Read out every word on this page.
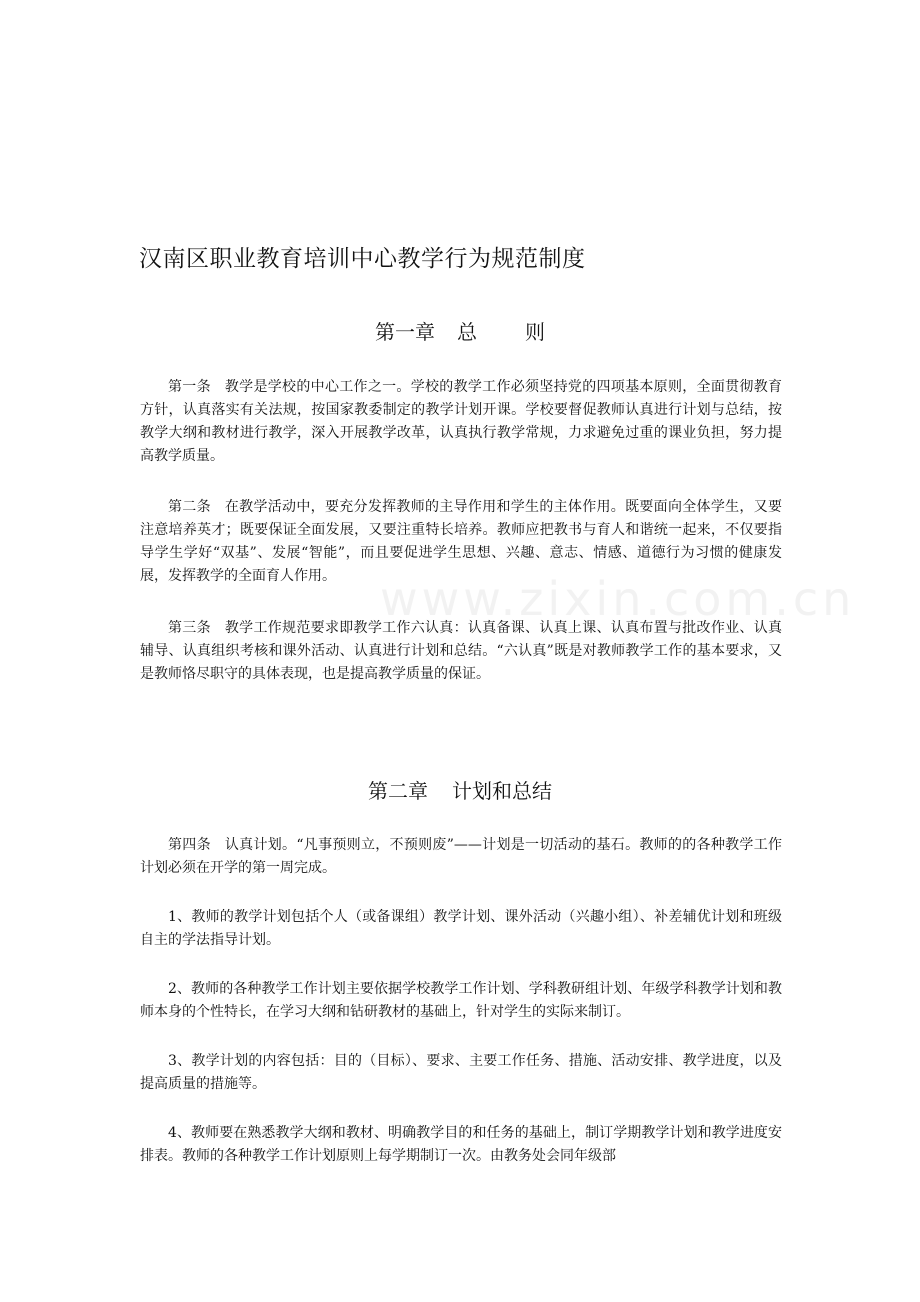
www.zixin.com.cn
汉南区职业教育培训中心教学行为规范制度
第一章 总 则
第一条 教学是学校的中心工作之一。学校的教学工作必须坚持党的四项基本原则，全面贯彻教育方针，认真落实有关法规，按国家教委制定的教学计划开课。学校要督促教师认真进行计划与总结，按教学大纲和教材进行教学，深入开展教学改革，认真执行教学常规，力求避免过重的课业负担，努力提高教学质量。
第二条 在教学活动中，要充分发挥教师的主导作用和学生的主体作用。既要面向全体学生，又要注意培养英才；既要保证全面发展，又要注重特长培养。教师应把教书与育人和谐统一起来，不仅要指导学生学好“双基”、发展“智能”，而且要促进学生思想、兴趣、意志、情感、道德行为习惯的健康发展，发挥教学的全面育人作用。
第三条 教学工作规范要求即教学工作六认真：认真备课、认真上课、认真布置与批改作业、认真辅导、认真组织考核和课外活动、认真进行计划和总结。“六认真”既是对教师教学工作的基本要求，又是教师恪尽职守的具体表现，也是提高教学质量的保证。
第二章 计划和总结
第四条 认真计划。“凡事预则立，不预则废”——计划是一切活动的基石。教师的的各种教学工作计划必须在开学的第一周完成。
1、教师的教学计划包括个人（或备课组）教学计划、课外活动（兴趣小组）、补差辅优计划和班级自主的学法指导计划。
2、教师的各种教学工作计划主要依据学校教学工作计划、学科教研组计划、年级学科教学计划和教师本身的个性特长，在学习大纲和钻研教材的基础上，针对学生的实际来制订。
3、教学计划的内容包括：目的（目标）、要求、主要工作任务、措施、活动安排、教学进度，以及提高质量的措施等。
4、教师要在熟悉教学大纲和教材、明确教学目的和任务的基础上，制订学期教学计划和教学进度安排表。教师的各种教学工作计划原则上每学期制订一次。由教务处会同年级部
